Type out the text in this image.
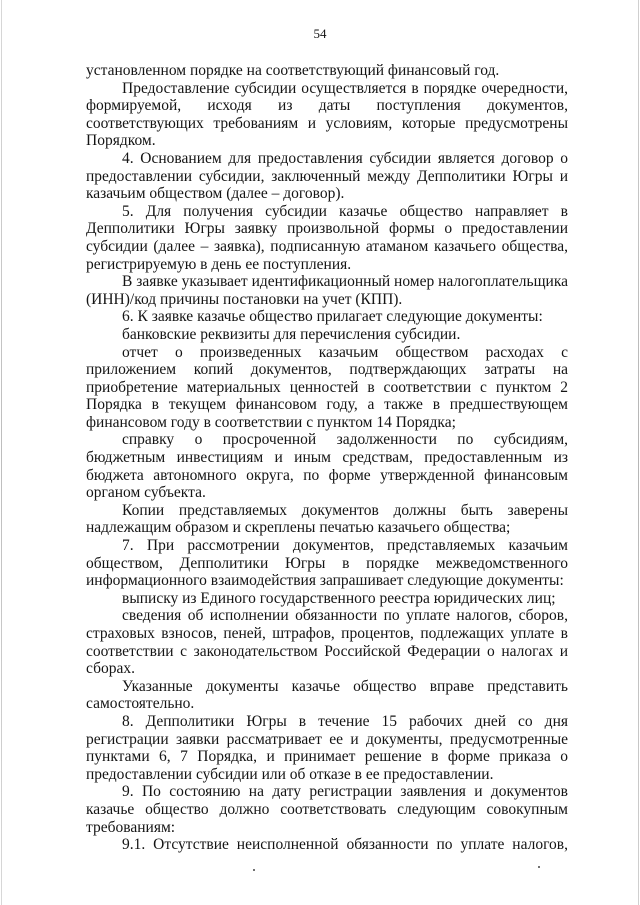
54

установленном порядке на соответствующий финансовый год.

Предоставление субсидии осуществляется в порядке очередности, формируемой, исходя из даты поступления документов, соответствующих требованиям и условиям, которые предусмотрены Порядком.

4. Основанием для предоставления субсидии является договор о предоставлении субсидии, заключенный между Депполитики Югры и казачьим обществом (далее – договор).

5. Для получения субсидии казачье общество направляет в Депполитики Югры заявку произвольной формы о предоставлении субсидии (далее – заявка), подписанную атаманом казачьего общества, регистрируемую в день ее поступления.

В заявке указывает идентификационный номер налогоплательщика (ИНН)/код причины постановки на учет (КПП).

6. К заявке казачье общество прилагает следующие документы:

банковские реквизиты для перечисления субсидии.

отчет о произведенных казачьим обществом расходах с приложением копий документов, подтверждающих затраты на приобретение материальных ценностей в соответствии с пунктом 2 Порядка в текущем финансовом году, а также в предшествующем финансовом году в соответствии с пунктом 14 Порядка;

справку о просроченной задолженности по субсидиям, бюджетным инвестициям и иным средствам, предоставленным из бюджета автономного округа, по форме утвержденной финансовым органом субъекта.

Копии представляемых документов должны быть заверены надлежащим образом и скреплены печатью казачьего общества;

7. При рассмотрении документов, представляемых казачьим обществом, Депполитики Югры в порядке межведомственного информационного взаимодействия запрашивает следующие документы:

выписку из Единого государственного реестра юридических лиц;

сведения об исполнении обязанности по уплате налогов, сборов, страховых взносов, пеней, штрафов, процентов, подлежащих уплате в соответствии с законодательством Российской Федерации о налогах и сборах.

Указанные документы казачье общество вправе представить самостоятельно.

8. Депполитики Югры в течение 15 рабочих дней со дня регистрации заявки рассматривает ее и документы, предусмотренные пунктами 6, 7 Порядка, и принимает решение в форме приказа о предоставлении субсидии или об отказе в ее предоставлении.

9. По состоянию на дату регистрации заявления и документов казачье общество должно соответствовать следующим совокупным требованиям:

9.1. Отсутствие неисполненной обязанности по уплате налогов,
